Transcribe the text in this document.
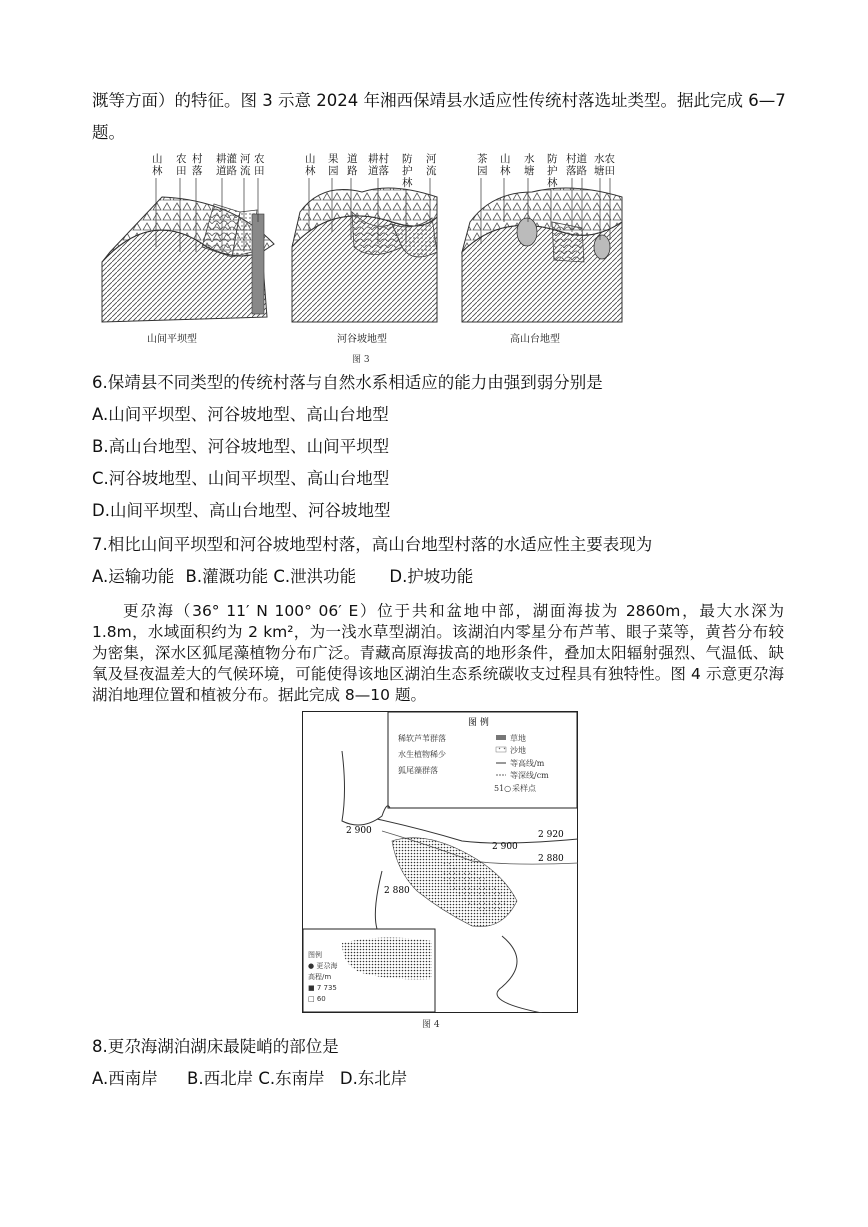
溉等方面）的特征。图 3 示意 2024 年湘西保靖县水适应性传统村落选址类型。据此完成 6—7
题。
山
林
农
田
村
落
耕灌
道路
河
流
农
田
山间平坝型
山
林
果
园
道
路
耕村
道落
防
护
林
河
流
河谷坡地型
茶
园
山
林
水
塘
防
护
林
村道
落路
水农
塘田
高山台地型
图 3
6.保靖县不同类型的传统村落与自然水系相适应的能力由强到弱分别是
A.山间平坝型、河谷坡地型、高山台地型
B.高山台地型、河谷坡地型、山间平坝型
C.河谷坡地型、山间平坝型、高山台地型
D.山间平坝型、高山台地型、河谷坡地型
7.相比山间平坝型和河谷坡地型村落，高山台地型村落的水适应性主要表现为
A.运输功能 B.灌溉功能 C.泄洪功能 D.护坡功能
更尕海（36° 11′ N 100° 06′ E）位于共和盆地中部，湖面海拔为 2860m，最大水深为 1.8m，水域面积约为 2 km²，为一浅水草型湖泊。该湖泊内零星分布芦苇、眼子菜等，黄苔分布较为密集，深水区狐尾藻植物分布广泛。青藏高原海拔高的地形条件，叠加太阳辐射强烈、气温低、缺氧及昼夜温差大的气候环境，可能使得该地区湖泊生态系统碳收支过程具有独特性。图 4 示意更尕海湖泊地理位置和植被分布。据此完成 8—10 题。
图 例
稀软芦苇群落
水生植物稀少
狐尾藻群落
草地
沙地
等高线/m
等深线/cm
51○ 采样点
2 900	2 920
2 900
2 880
2 880
图例
● 更尕海
高程/m
■ 7 735
□ 60
图 4
8.更尕海湖泊湖床最陡峭的部位是
A.西南岸 B.西北岸 C.东南岸 D.东北岸
